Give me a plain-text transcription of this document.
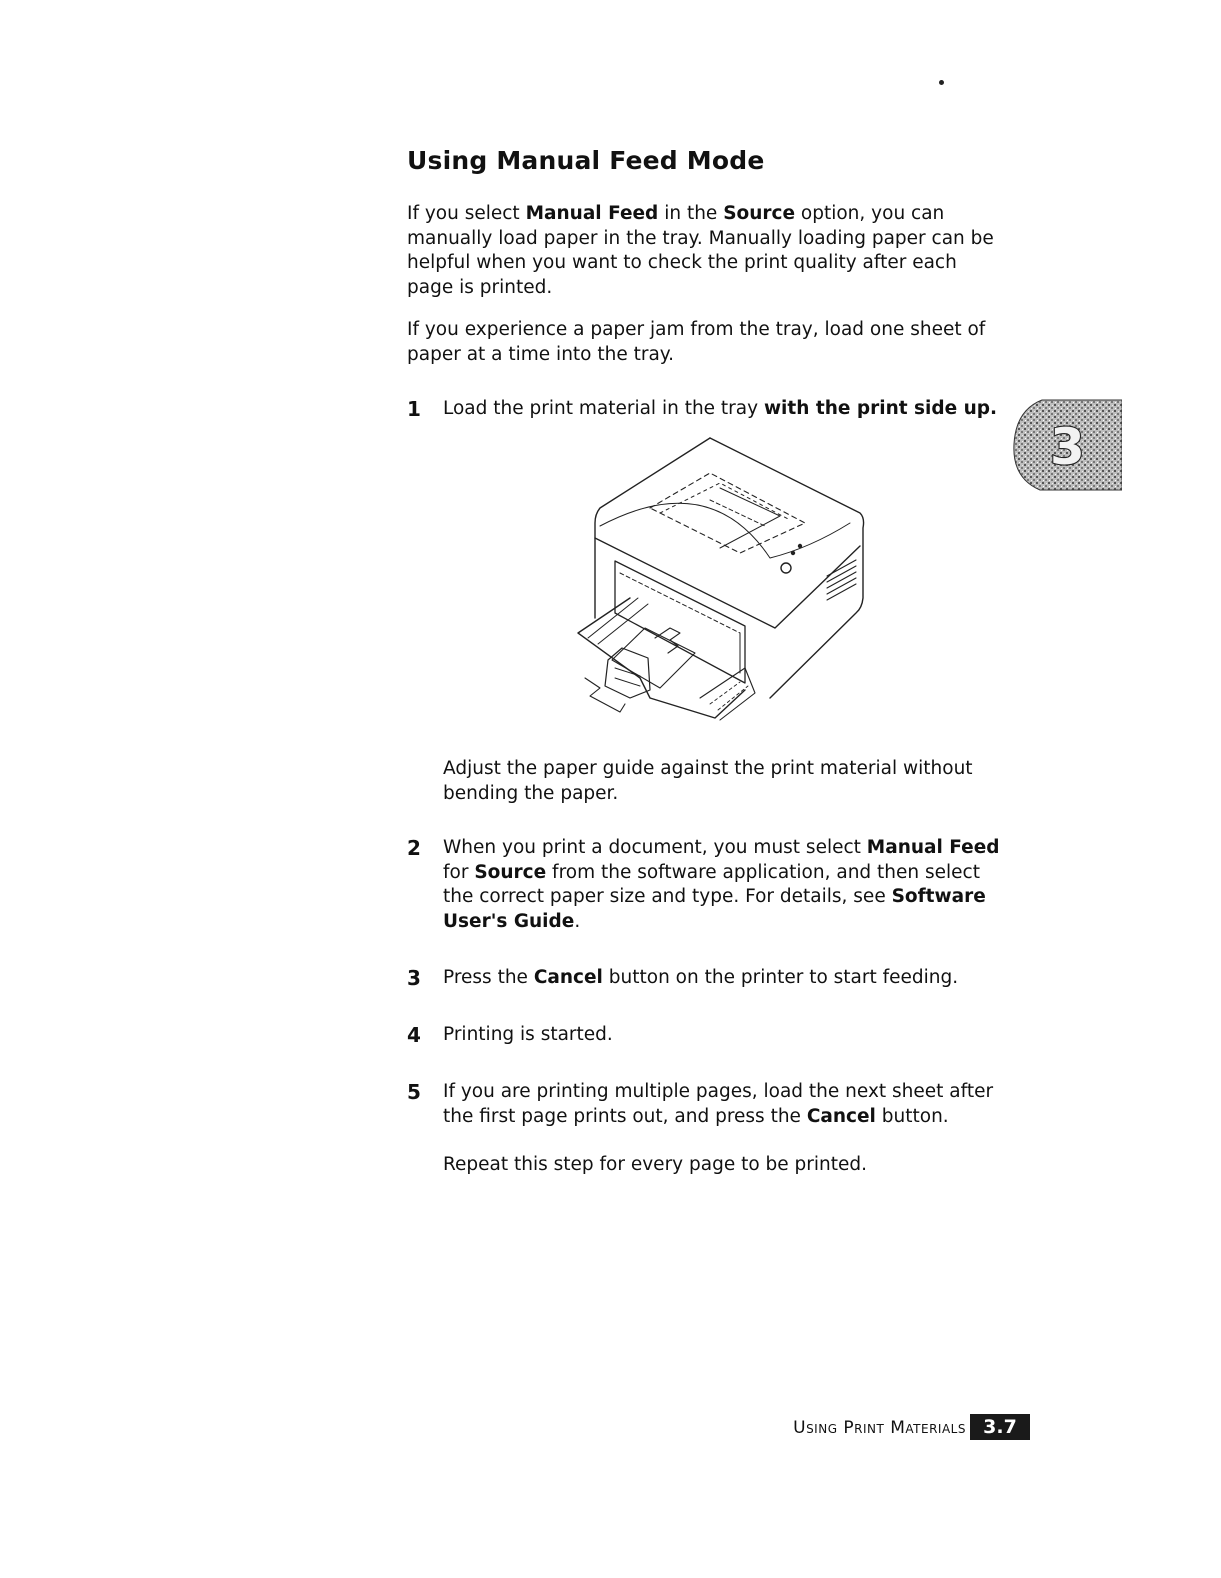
Using Manual Feed Mode

If you select Manual Feed in the Source option, you can manually load paper in the tray. Manually loading paper can be helpful when you want to check the print quality after each page is printed.

If you experience a paper jam from the tray, load one sheet of paper at a time into the tray.

1	Load the print material in the tray with the print side up.

Adjust the paper guide against the print material without bending the paper.

2	When you print a document, you must select Manual Feed for Source from the software application, and then select the correct paper size and type. For details, see Software User's Guide.
3	Press the Cancel button on the printer to start feeding.
4	Printing is started.
5	If you are printing multiple pages, load the next sheet after the first page prints out, and press the Cancel button.

Repeat this step for every page to be printed.

3
Using Print Materials 3.7
